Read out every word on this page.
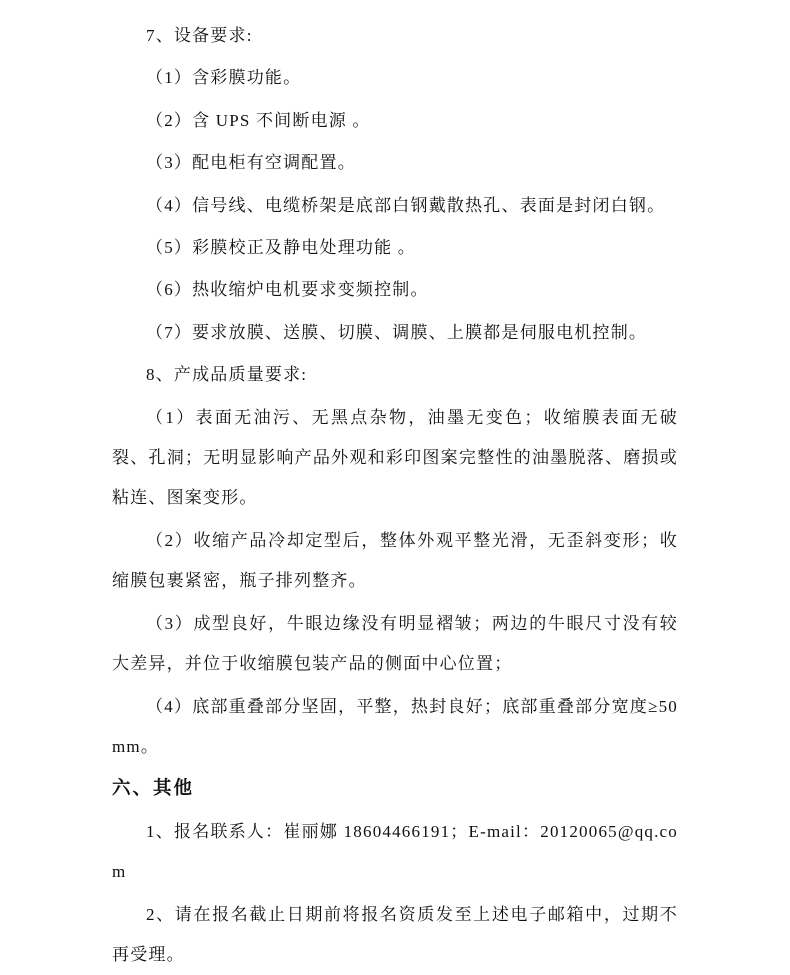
7、设备要求:

（1）含彩膜功能。

（2）含 UPS 不间断电源 。

（3）配电柜有空调配置。

（4）信号线、电缆桥架是底部白钢戴散热孔、表面是封闭白钢。

（5）彩膜校正及静电处理功能 。

（6）热收缩炉电机要求变频控制。

（7）要求放膜、送膜、切膜、调膜、上膜都是伺服电机控制。

8、产成品质量要求:

（1）表面无油污、无黑点杂物，油墨无变色；收缩膜表面无破裂、孔洞；无明显影响产品外观和彩印图案完整性的油墨脱落、磨损或粘连、图案变形。

（2）收缩产品冷却定型后，整体外观平整光滑，无歪斜变形；收缩膜包裹紧密，瓶子排列整齐。

（3）成型良好，牛眼边缘没有明显褶皱；两边的牛眼尺寸没有较大差异，并位于收缩膜包装产品的侧面中心位置；

（4）底部重叠部分坚固，平整，热封良好；底部重叠部分宽度≥50mm。

六、其他

1、报名联系人：崔丽娜 18604466191；E-mail：20120065@qq.com

2、请在报名截止日期前将报名资质发至上述电子邮箱中，过期不再受理。
